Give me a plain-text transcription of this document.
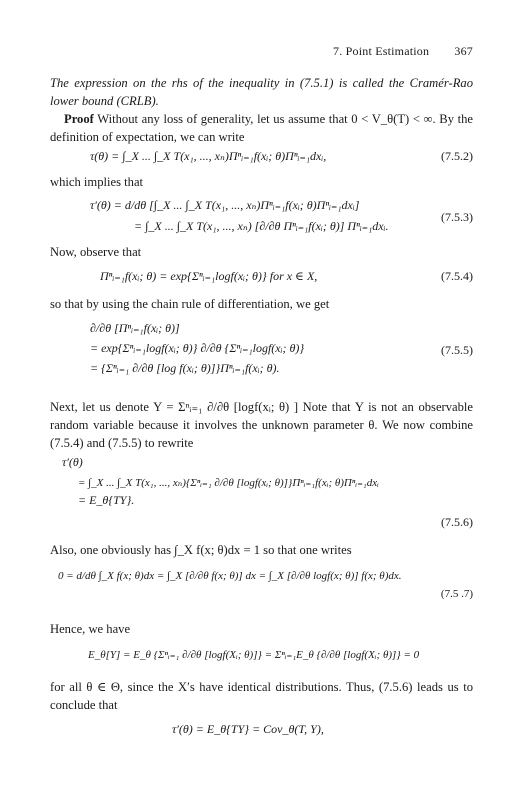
7. Point Estimation 367

The expression on the rhs of the inequality in (7.5.1) is called the Cramér-Rao lower bound (CRLB).

Proof Without any loss of generality, let us assume that 0 < V_θ(T) < ∞. By the definition of expectation, we can write

τ(θ) = ∫_X ... ∫_X T(x₁, ..., xₙ)Πⁿᵢ₌₁f(xᵢ; θ)Πⁿᵢ₌₁dxᵢ,	(7.5.2)

which implies that

τ′(θ) = d/dθ [∫_X ... ∫_X T(x₁, ..., xₙ)Πⁿᵢ₌₁f(xᵢ; θ)Πⁿᵢ₌₁dxᵢ]
= ∫_X ... ∫_X T(x₁, ..., xₙ) [∂/∂θ Πⁿᵢ₌₁f(xᵢ; θ)] Πⁿᵢ₌₁dxᵢ.
(7.5.3)

Now, observe that

Πⁿᵢ₌₁f(xᵢ; θ) = exp{Σⁿᵢ₌₁logf(xᵢ; θ)} for x ∈ X,	(7.5.4)

so that by using the chain rule of differentiation, we get

∂/∂θ [Πⁿᵢ₌₁f(xᵢ; θ)]
= exp{Σⁿᵢ₌₁logf(xᵢ; θ)} ∂/∂θ {Σⁿᵢ₌₁logf(xᵢ; θ)}
= {Σⁿᵢ₌₁ ∂/∂θ [log f(xᵢ; θ)]}Πⁿᵢ₌₁f(xᵢ; θ).
(7.5.5)

Next, let us denote Y = Σⁿᵢ₌₁ ∂/∂θ [logf(xᵢ; θ) ] Note that Y is not an observable random variable because it involves the unknown parameter θ. We now combine (7.5.4) and (7.5.5) to rewrite

τ′(θ)
= ∫_X ... ∫_X T(x₁, ..., xₙ){Σⁿᵢ₌₁ ∂/∂θ [logf(xᵢ; θ)]}Πⁿᵢ₌₁f(xᵢ; θ)Πⁿᵢ₌₁dxᵢ
= E_θ{TY}.
(7.5.6)

Also, one obviously has ∫_X f(x; θ)dx = 1 so that one writes

0 = d/dθ ∫_X f(x; θ)dx = ∫_X [∂/∂θ f(x; θ)] dx = ∫_X [∂/∂θ logf(x; θ)] f(x; θ)dx.
(7.5 .7)

Hence, we have

E_θ[Y] = E_θ {Σⁿᵢ₌₁ ∂/∂θ [logf(Xᵢ; θ)]} = Σⁿᵢ₌₁E_θ {∂/∂θ [logf(Xᵢ; θ)]} = 0

for all θ ∈ Θ, since the X′s have identical distributions. Thus, (7.5.6) leads us to conclude that

τ′(θ) = E_θ{TY} = Cov_θ(T, Y),
